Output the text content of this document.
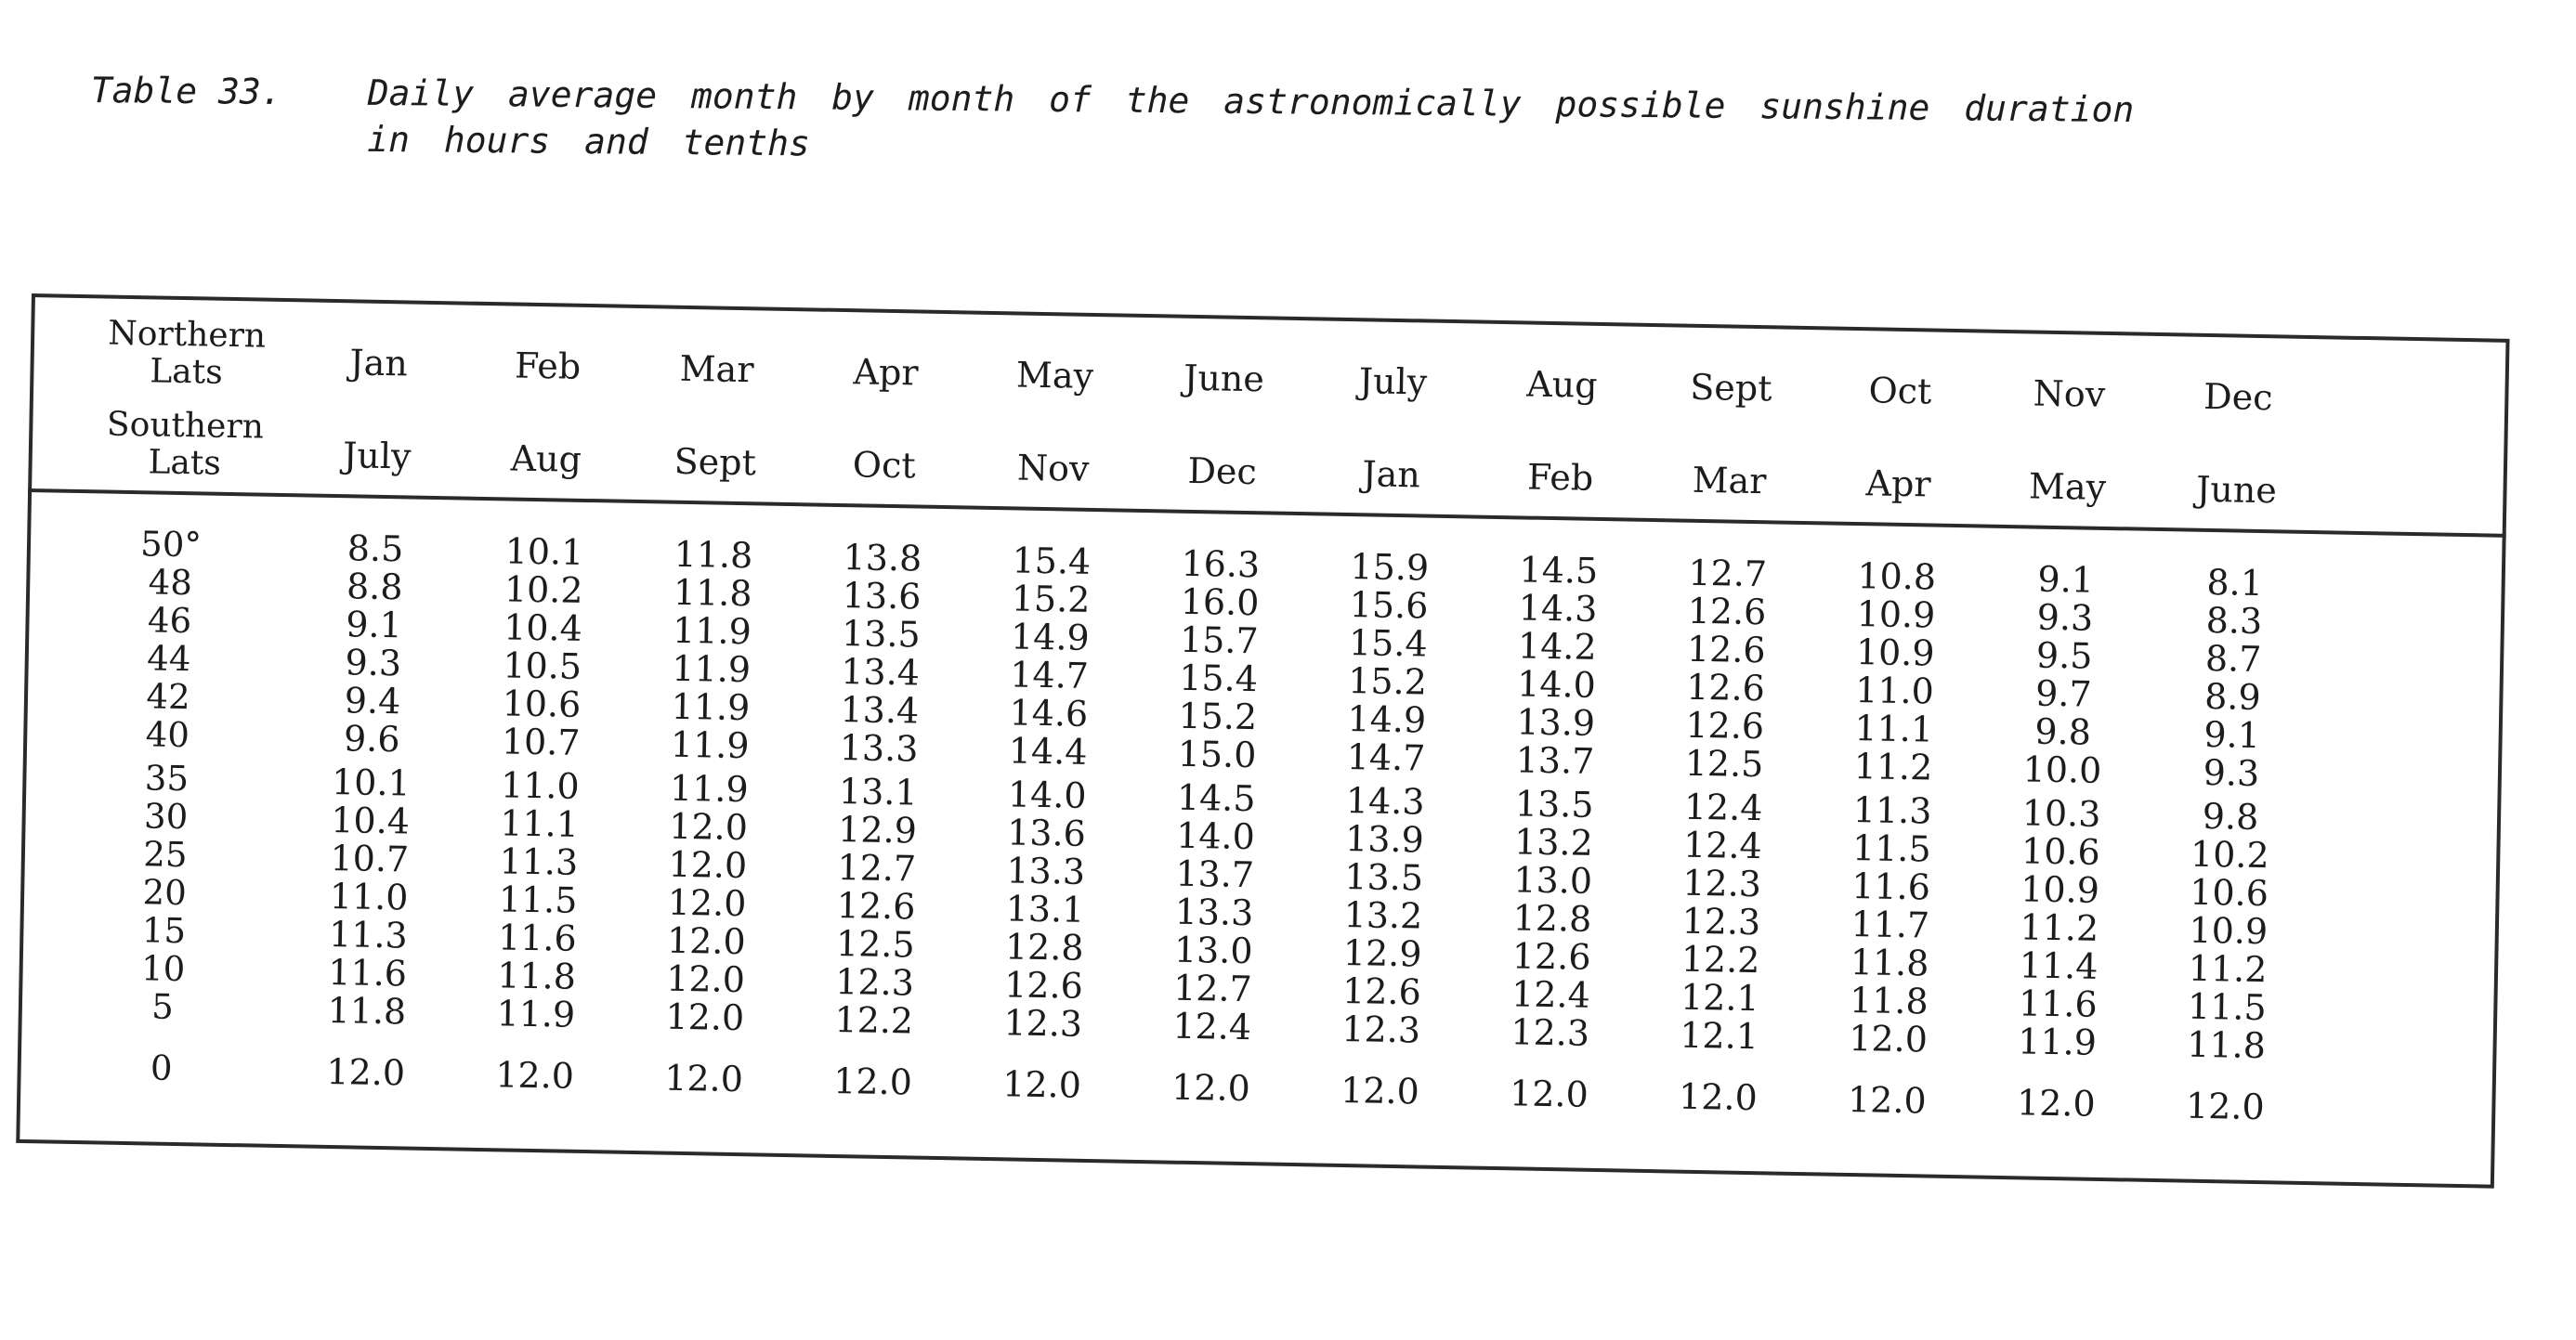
Table 33. Daily average month by month of the astronomically possible sunshine duration in hours and tenths
Northern Lats
Southern Lats
50°
48
46
44
42
40
35
30
25
20
15
10
5
0
Jan
July
8.5
8.8
9.1
9.3
9.4
9.6
10.1
10.4
10.7
11.0
11.3
11.6
11.8
12.0
Feb
Aug
10.1
10.2
10.4
10.5
10.6
10.7
11.0
11.1
11.3
11.5
11.6
11.8
11.9
12.0
Mar
Sept
11.8
11.8
11.9
11.9
11.9
11.9
11.9
12.0
12.0
12.0
12.0
12.0
12.0
12.0
Apr
Oct
13.8
13.6
13.5
13.4
13.4
13.3
13.1
12.9
12.7
12.6
12.5
12.3
12.2
12.0
May
Nov
15.4
15.2
14.9
14.7
14.6
14.4
14.0
13.6
13.3
13.1
12.8
12.6
12.3
12.0
June
Dec
16.3
16.0
15.7
15.4
15.2
15.0
14.5
14.0
13.7
13.3
13.0
12.7
12.4
12.0
July
Jan
15.9
15.6
15.4
15.2
14.9
14.7
14.3
13.9
13.5
13.2
12.9
12.6
12.3
12.0
Aug
Feb
14.5
14.3
14.2
14.0
13.9
13.7
13.5
13.2
13.0
12.8
12.6
12.4
12.3
12.0
Sept
Mar
12.7
12.6
12.6
12.6
12.6
12.5
12.4
12.4
12.3
12.3
12.2
12.1
12.1
12.0
Oct
Apr
10.8
10.9
10.9
11.0
11.1
11.2
11.3
11.5
11.6
11.7
11.8
11.8
12.0
12.0
Nov
May
9.1
9.3
9.5
9.7
9.8
10.0
10.3
10.6
10.9
11.2
11.4
11.6
11.9
12.0
Dec
June
8.1
8.3
8.7
8.9
9.1
9.3
9.8
10.2
10.6
10.9
11.2
11.5
11.8
12.0
